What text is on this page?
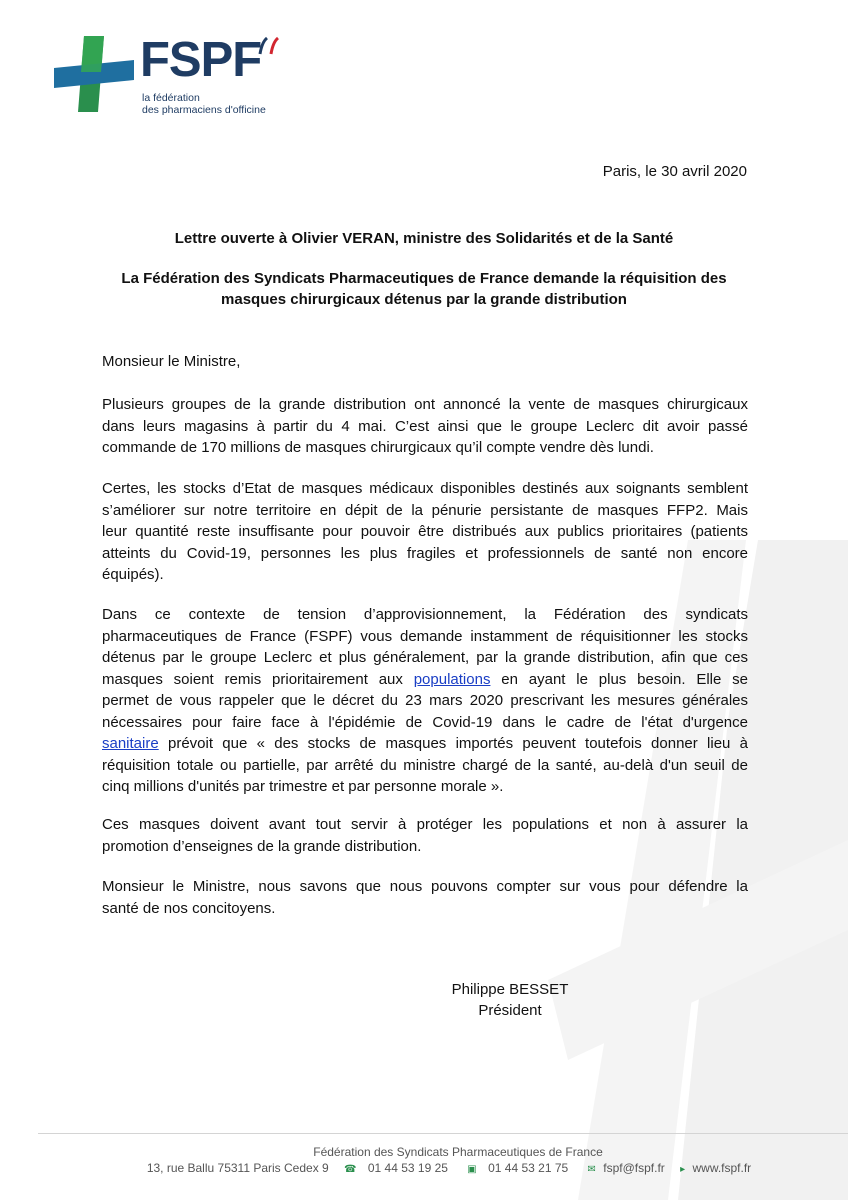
FSPF
la fédération
des pharmaciens d'officine
Paris, le 30 avril 2020
Lettre ouverte à Olivier VERAN, ministre des Solidarités et de la Santé
La Fédération des Syndicats Pharmaceutiques de France demande la réquisition des
masques chirurgicaux détenus par la grande distribution
Monsieur le Ministre,
Plusieurs groupes de la grande distribution ont annoncé la vente de masques chirurgicaux
dans leurs magasins à partir du 4 mai. C’est ainsi que le groupe Leclerc dit avoir passé
commande de 170 millions de masques chirurgicaux qu’il compte vendre dès lundi.
Certes, les stocks d’Etat de masques médicaux disponibles destinés aux soignants semblent
s’améliorer sur notre territoire en dépit de la pénurie persistante de masques FFP2. Mais
leur quantité reste insuffisante pour pouvoir être distribués aux publics prioritaires (patients
atteints du Covid-19, personnes les plus fragiles et professionnels de santé non encore
équipés).
Dans ce contexte de tension d’approvisionnement, la Fédération des syndicats
pharmaceutiques de France (FSPF) vous demande instamment de réquisitionner les stocks
détenus par le groupe Leclerc et plus généralement, par la grande distribution, afin que ces
masques soient remis prioritairement aux populations en ayant le plus besoin. Elle se
permet de vous rappeler que le décret du 23 mars 2020 prescrivant les mesures générales
nécessaires pour faire face à l'épidémie de Covid-19 dans le cadre de l'état d'urgence
sanitaire prévoit que « des stocks de masques importés peuvent toutefois donner lieu à
réquisition totale ou partielle, par arrêté du ministre chargé de la santé, au-delà d'un seuil de
cinq millions d'unités par trimestre et par personne morale ».
Ces masques doivent avant tout servir à protéger les populations et non à assurer la
promotion d’enseignes de la grande distribution.
Monsieur le Ministre, nous savons que nous pouvons compter sur vous pour défendre la
santé de nos concitoyens.
Philippe BESSET
Président
Fédération des Syndicats Pharmaceutiques de France
13, rue Ballu 75311 Paris Cedex 9 ☎ 01 44 53 19 25 ▣ 01 44 53 21 75 ✉ fspf@fspf.fr ▸ www.fspf.fr
